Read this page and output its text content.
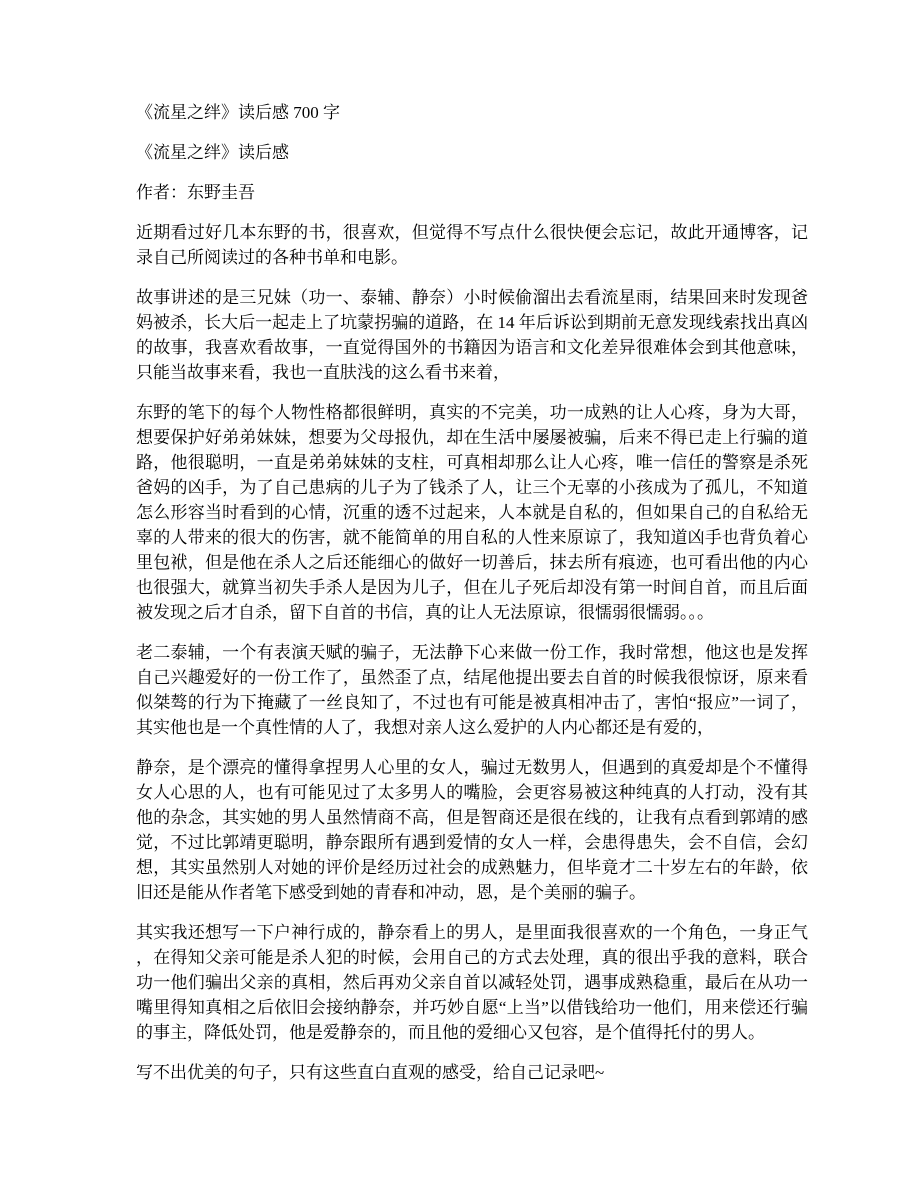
《流星之绊》读后感 700 字

《流星之绊》读后感

作者：东野圭吾

近期看过好几本东野的书，很喜欢，但觉得不写点什么很快便会忘记，故此开通博客，记录自己所阅读过的各种书单和电影。

故事讲述的是三兄妹（功一、泰辅、静奈）小时候偷溜出去看流星雨，结果回来时发现爸妈被杀，长大后一起走上了坑蒙拐骗的道路，在 14 年后诉讼到期前无意发现线索找出真凶的故事，我喜欢看故事，一直觉得国外的书籍因为语言和文化差异很难体会到其他意味，只能当故事来看，我也一直肤浅的这么看书来着，

东野的笔下的每个人物性格都很鲜明，真实的不完美，功一成熟的让人心疼，身为大哥，想要保护好弟弟妹妹，想要为父母报仇，却在生活中屡屡被骗，后来不得已走上行骗的道路，他很聪明，一直是弟弟妹妹的支柱，可真相却那么让人心疼，唯一信任的警察是杀死爸妈的凶手，为了自己患病的儿子为了钱杀了人，让三个无辜的小孩成为了孤儿，不知道怎么形容当时看到的心情，沉重的透不过起来，人本就是自私的，但如果自己的自私给无辜的人带来的很大的伤害，就不能简单的用自私的人性来原谅了，我知道凶手也背负着心里包袱，但是他在杀人之后还能细心的做好一切善后，抹去所有痕迹，也可看出他的内心也很强大，就算当初失手杀人是因为儿子，但在儿子死后却没有第一时间自首，而且后面被发现之后才自杀，留下自首的书信，真的让人无法原谅，很懦弱很懦弱。。。

老二泰辅，一个有表演天赋的骗子，无法静下心来做一份工作，我时常想，他这也是发挥自己兴趣爱好的一份工作了，虽然歪了点，结尾他提出要去自首的时候我很惊讶，原来看似桀骜的行为下掩藏了一丝良知了，不过也有可能是被真相冲击了，害怕“报应”一词了，其实他也是一个真性情的人了，我想对亲人这么爱护的人内心都还是有爱的，

静奈，是个漂亮的懂得拿捏男人心里的女人，骗过无数男人，但遇到的真爱却是个不懂得女人心思的人，也有可能见过了太多男人的嘴脸，会更容易被这种纯真的人打动，没有其他的杂念，其实她的男人虽然情商不高，但是智商还是很在线的，让我有点看到郭靖的感觉，不过比郭靖更聪明，静奈跟所有遇到爱情的女人一样，会患得患失，会不自信，会幻想，其实虽然别人对她的评价是经历过社会的成熟魅力，但毕竟才二十岁左右的年龄，依旧还是能从作者笔下感受到她的青春和冲动，恩，是个美丽的骗子。

其实我还想写一下户神行成的，静奈看上的男人，是里面我很喜欢的一个角色，一身正气，在得知父亲可能是杀人犯的时候，会用自己的方式去处理，真的很出乎我的意料，联合功一他们骗出父亲的真相，然后再劝父亲自首以减轻处罚，遇事成熟稳重，最后在从功一嘴里得知真相之后依旧会接纳静奈，并巧妙自愿“上当”以借钱给功一他们，用来偿还行骗的事主，降低处罚，他是爱静奈的，而且他的爱细心又包容，是个值得托付的男人。

写不出优美的句子，只有这些直白直观的感受，给自己记录吧~
